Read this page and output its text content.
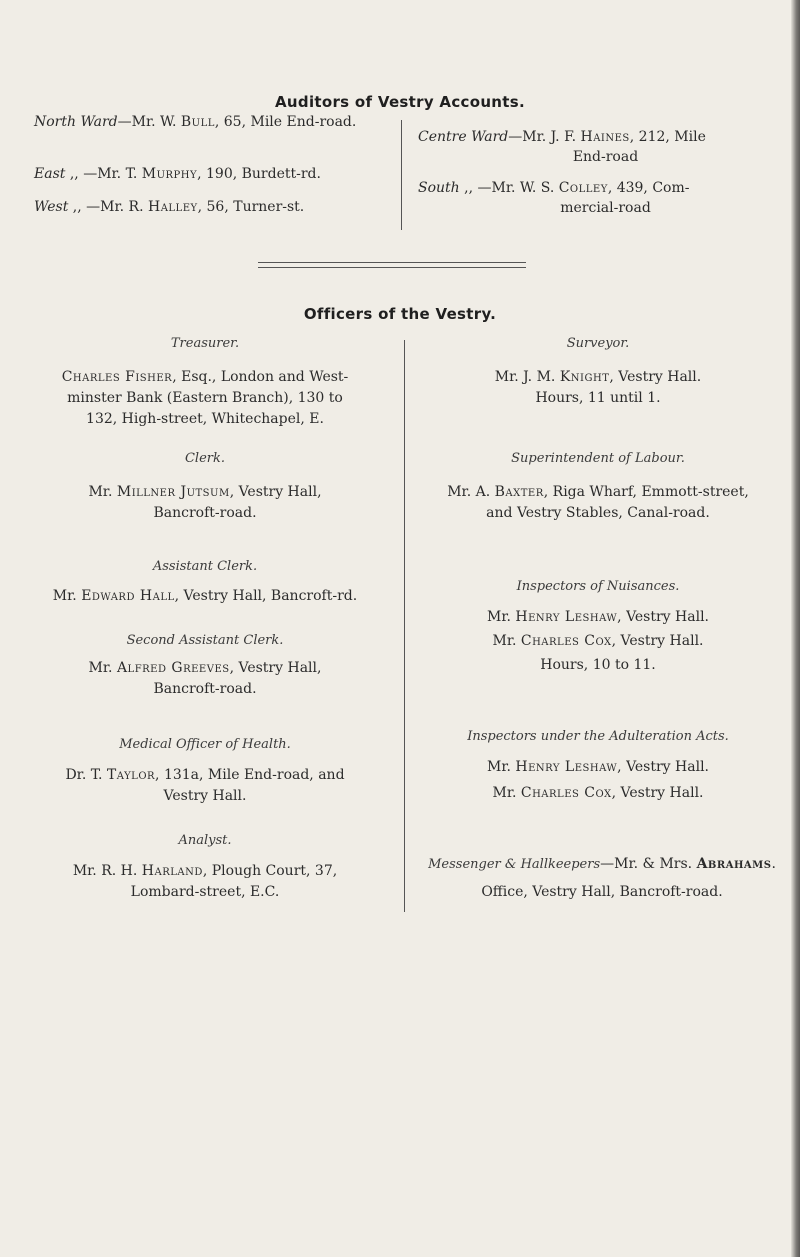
Auditors of Vestry Accounts.
North Ward—Mr. W. Bull, 65, Mile End-road.
East ,, —Mr. T. Murphy, 190, Burdett-rd.
West ,, —Mr. R. Halley, 56, Turner-st.
Centre Ward—Mr. J. F. Haines, 212, Mile
End-road
South ,, —Mr. W. S. Colley, 439, Com-
mercial-road
Officers of the Vestry.
Treasurer.
Charles Fisher, Esq., London and West-
minster Bank (Eastern Branch), 130 to
132, High-street, Whitechapel, E.
Clerk.
Mr. Millner Jutsum, Vestry Hall,
Bancroft-road.
Assistant Clerk.
Mr. Edward Hall, Vestry Hall, Bancroft-rd.
Second Assistant Clerk.
Mr. Alfred Greeves, Vestry Hall,
Bancroft-road.
Medical Officer of Health.
Dr. T. Taylor, 131a, Mile End-road, and
Vestry Hall.
Analyst.
Mr. R. H. Harland, Plough Court, 37,
Lombard-street, E.C.
Surveyor.
Mr. J. M. Knight, Vestry Hall.
Hours, 11 until 1.
Superintendent of Labour.
Mr. A. Baxter, Riga Wharf, Emmott-street,
and Vestry Stables, Canal-road.
Inspectors of Nuisances.
Mr. Henry Leshaw, Vestry Hall.
Mr. Charles Cox, Vestry Hall.
Hours, 10 to 11.
Inspectors under the Adulteration Acts.
Mr. Henry Leshaw, Vestry Hall.
Mr. Charles Cox, Vestry Hall.
Messenger & Hallkeepers—Mr. & Mrs. Abrahams.
Office, Vestry Hall, Bancroft-road.
